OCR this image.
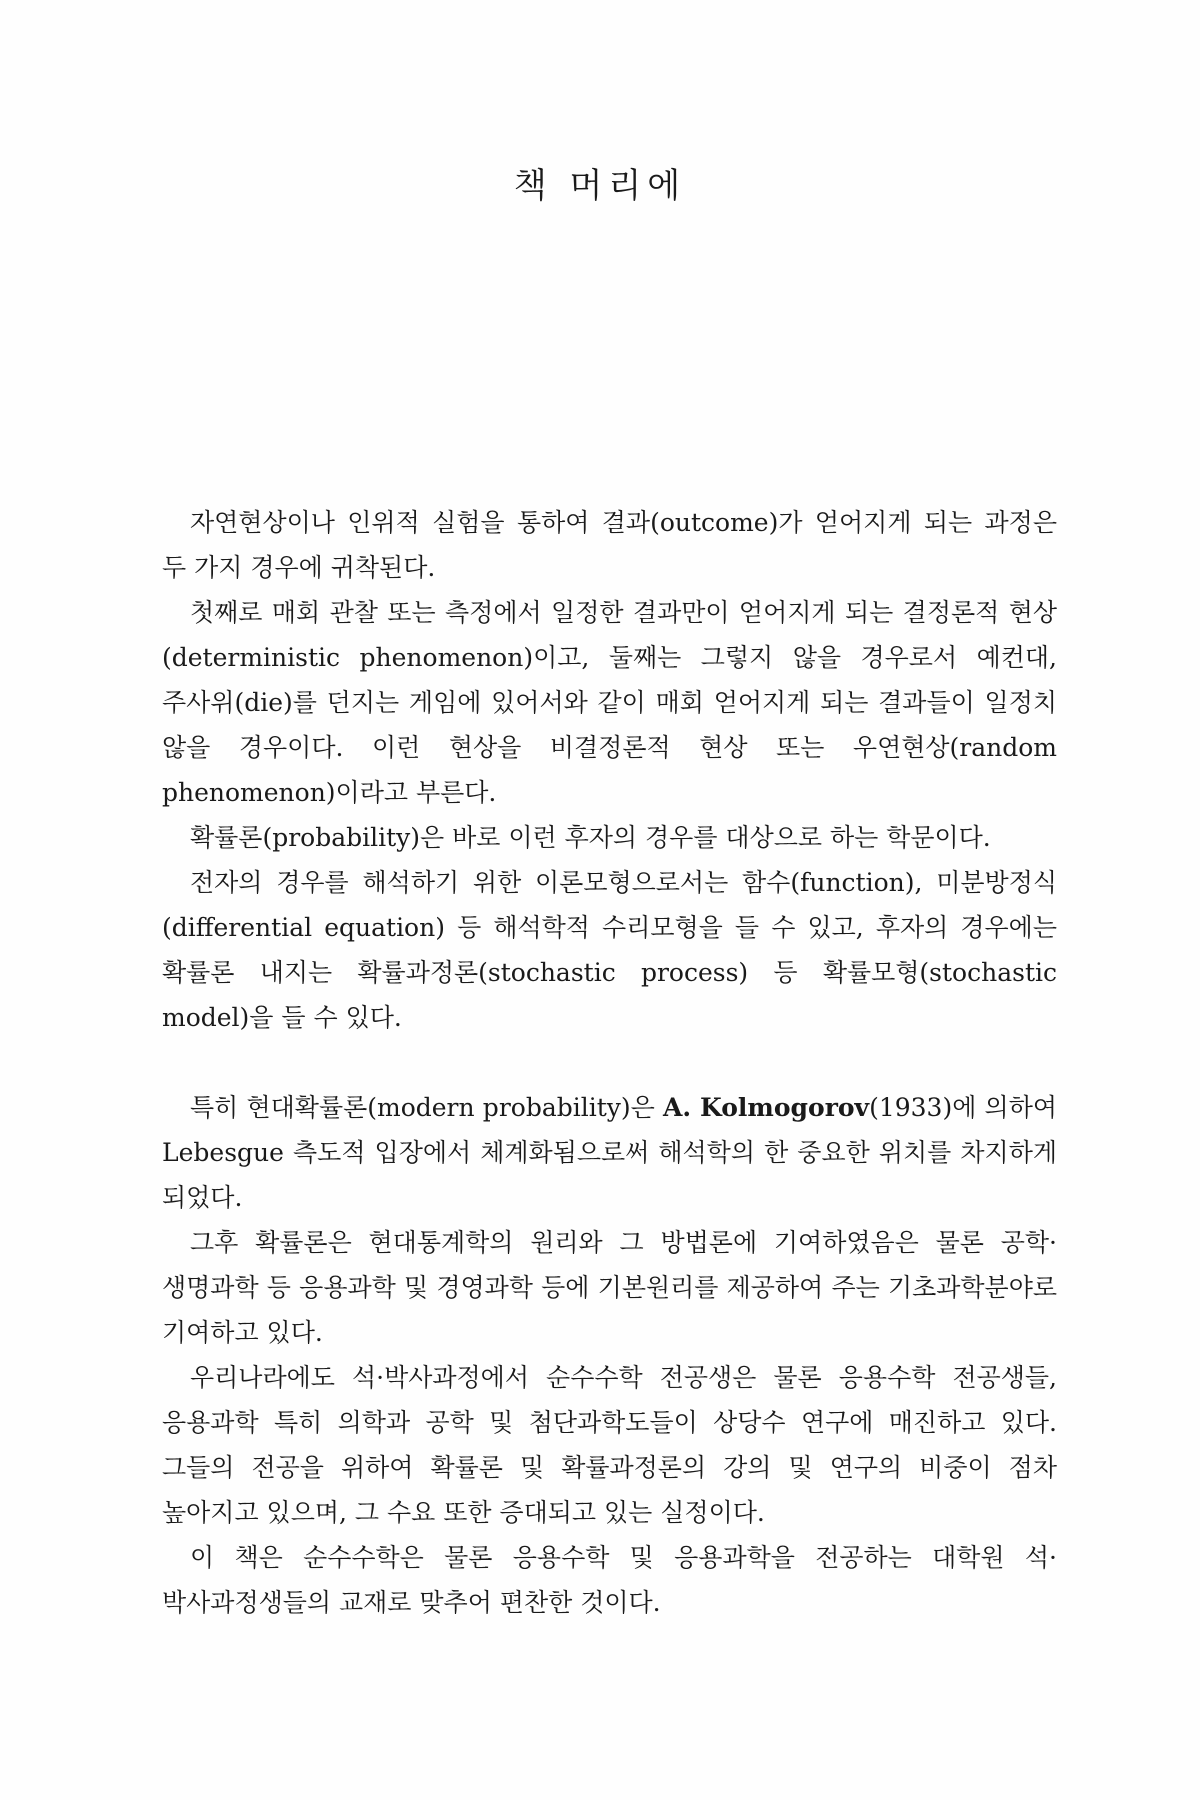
책 머리에

자연현상이나 인위적 실험을 통하여 결과(outcome)가 얻어지게 되는 과정은 두 가지 경우에 귀착된다.

첫째로 매회 관찰 또는 측정에서 일정한 결과만이 얻어지게 되는 결정론적 현상(deterministic phenomenon)이고, 둘째는 그렇지 않을 경우로서 예컨대, 주사위(die)를 던지는 게임에 있어서와 같이 매회 얻어지게 되는 결과들이 일정치 않을 경우이다. 이런 현상을 비결정론적 현상 또는 우연현상(random phenomenon)이라고 부른다.

확률론(probability)은 바로 이런 후자의 경우를 대상으로 하는 학문이다.

전자의 경우를 해석하기 위한 이론모형으로서는 함수(function), 미분방정식(differential equation) 등 해석학적 수리모형을 들 수 있고, 후자의 경우에는 확률론 내지는 확률과정론(stochastic process) 등 확률모형(stochastic model)을 들 수 있다.

특히 현대확률론(modern probability)은 A. Kolmogorov(1933)에 의하여 Lebesgue 측도적 입장에서 체계화됨으로써 해석학의 한 중요한 위치를 차지하게 되었다.

그후 확률론은 현대통계학의 원리와 그 방법론에 기여하였음은 물론 공학·생명과학 등 응용과학 및 경영과학 등에 기본원리를 제공하여 주는 기초과학분야로 기여하고 있다.

우리나라에도 석·박사과정에서 순수수학 전공생은 물론 응용수학 전공생들, 응용과학 특히 의학과 공학 및 첨단과학도들이 상당수 연구에 매진하고 있다. 그들의 전공을 위하여 확률론 및 확률과정론의 강의 및 연구의 비중이 점차 높아지고 있으며, 그 수요 또한 증대되고 있는 실정이다.

이 책은 순수수학은 물론 응용수학 및 응용과학을 전공하는 대학원 석·박사과정생들의 교재로 맞추어 편찬한 것이다.
